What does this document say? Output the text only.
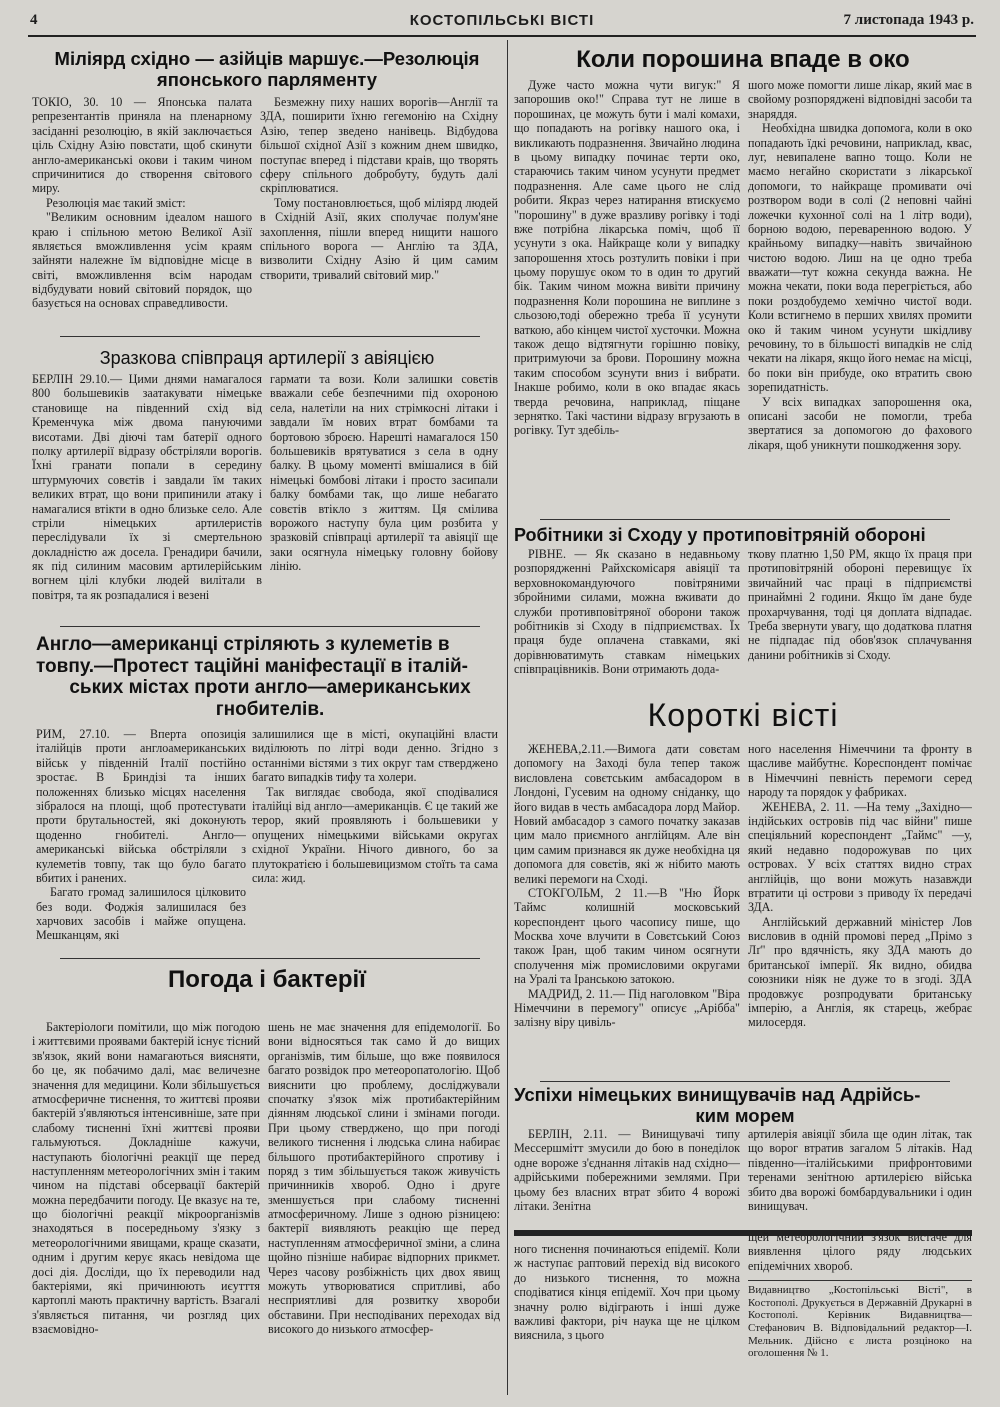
4	КОСТОПІЛЬСЬКІ ВІСТІ	7 листопада 1943 р.
Міліярд східно — азійців маршує.—Резолюція японського парляменту

ТОКІО, 30. 10 — Японська палата репрезентантів приняла на пленарному засіданні резолюцію, в якій заключається ціль Східну Азію повстати, щоб скинути англо-американські окови і таким чином спричинитися до створення світового миру.

Резолюція має такий зміст:

"Великим основним ідеалом нашого краю і спільною метою Великої Азії являється вможливлення усім краям зайняти належне їм відповідне місце в світі, вможливлення всім народам відбудувати новий світовий порядок, що базується на основах справедливости.

Безмежну пиху наших ворогів—Англії та ЗДА, поширити їхню гегемонію на Східну Азію, тепер зведено нанівець. Відбудова більшої східної Азії з кожним днем швидко, поступає вперед і підстави краів, що творять сферу спільного добробуту, будуть далі скріплюватися.

Тому постановлюється, щоб міліярд людей в Східній Азії, яких сполучає полум'яне захоплення, пішли вперед нищити нашого спільного ворога — Англію та ЗДА, визволити Східну Азію й цим самим створити, тривалий світовий мир."

Зразкова співпраця артилерії з авіяцією

БЕРЛІН 29.10.— Цими днями намагалося 800 большевиків заатакувати німецьке становище на південний схід від Кременчука між двома пануючими висотами. Дві діючі там батерії одного полку артилерії відразу обстріляли ворогів. Їхні гранати попали в середину штурмуючих совєтів і завдали їм таких великих втрат, що вони припинили атаку і намагалися втікти в одно близьке село. Але стріли німецьких артилеристів переслідували їх зі смертельною докладністю аж досела. Гренадири бачили, як під силиним масовим артилерійським вогнем цілі клубки людей вилітали в повітря, та як розпадалися і везені

гармати та вози. Коли залишки совєтів вважали себе безпечними під охороною села, налетіли на них стрімкосні літаки і завдали їм нових втрат бомбами та бортовою зброєю. Нарешті намагалося 150 большевиків врятуватися з села в одну балку. В цьому моменті вмішалися в бій німецькі бомбові літаки і просто засипали балку бомбами так, що лише небагато совєтів втікло з життям. Ця смілива ворожого наступу була цим розбита у зразковій співпраці артилерії та авіяції ще заки осягнула німецьку головну бойову лінію.

Англо—американці стріляють з кулеметів в
товпу.—Протест таційні маніфестації в італій-
ських містах проти англо—американських
гнобителів.

РИМ, 27.10. — Вперта опозиція італійців проти англоамериканських військ у південній Італії постійно зростає. В Бриндізі та інших положеннях близько місцях населення зібралося на площі, щоб протестувати проти брутальностей, які доконують щоденно гнобителі. Англо—американські війська обстріляли з кулеметів товпу, так що було багато вбитих і ранених.

Багато громад залишилося цілковито без води. Фоджія залишилася без харчових засобів і майже опущена. Мешканцям, які

залишилися ще в місті, окупаційні власти виділюють по літрі води денно. Згідно з останніми вістями з тих округ там стверджено багато випадків тифу та холери.

Так виглядає свобода, якої сподівалися італійці від англо—американців. Є це такий же терор, який проявляють і большевики у опущених німецькими військами округах східної України. Нічого дивного, бо за плутократією і большевицизмом стоїть та сама сила: жид.

Погода і бактерії

Бактеріологи помітили, що між погодою і життєвими проявами бактерій існує тісний зв'язок, який вони намагаються виясняти, бо це, як побачимо далі, має величезне значення для медицини. Коли збільшується атмосферичне тиснення, то життєві прояви бактерій з'являються інтенсивніше, зате при слабому тисненні їхні життєві прояви гальмуються. Докладніше кажучи, наступають біологічні реакції ще перед наступленням метеорологічних змін і таким чином на підставі обсервації бактерій можна передбачити погоду. Це вказує на те, що біологічні реакції мікроорганізмів знаходяться в посередньому з'язку з метеорологічними явищами, краще сказати, одним і другим керує якась невідома ще досі дія. Досліди, що їх переводили над бактеріями, які причинюють иєутття картоплі мають практичну вартість. Взагалі з'являється питання, чи розгляд цих взаємовідно-

шень не має значення для епідемології. Бо вони відносяться так само й до вищих організмів, тим більше, що вже появилося багато розвідок про метеоропатологію. Щоб вияснити цю проблему, досліджували спочатку з'язок між протибактерійним діянням людської слини і змінами погоди. При цьому стверджено, що при погоді великого тиснення і людська слина набирає більшого протибактерійного спротиву і поряд з тим збільшується також живучість причинників хвороб. Одно і друге зменшується при слабому тисненні атмосферичному. Лише з одною різницею: бактерії виявляють реакцію ще перед наступленням атмосферичної зміни, а слина щойно пізніше набирає відпорних прикмет. Через часову розбіжність цих двох явищ можуть утворюватися спритливі, або несприятливі для розвитку хвороби обставини. При несподіваних переходах від високого до низького атмосфер-

Коли порошина впаде в око

Дуже часто можна чути вигук:" Я запорошив око!" Справа тут не лише в порошинах, це можуть бути і малі комахи, що попадають на рогівку нашого ока, і викликають подразнення. Звичайно людина в цьому випадку починає терти око, стараючись таким чином усунути предмет подразнення. Але саме цього не слід робити. Якраз через натирання втискуємо "порошину" в дуже вразливу рогівку і тоді вже потрібна лікарська поміч, щоб її усунути з ока. Найкраще коли у випадку запорошення хтось розтулить повіки і при цьому порушує оком то в один то другий бік. Таким чином можна вивіти причину подразнення Коли порошина не виплине з сльозою,тоді обережно треба її усунути ваткою, або кінцем чистої хусточки. Можна також дещо відтягнути горішню повіку, притримуючи за брови. Порошину можна таким способом зсунути вниз і вибрати. Інакше робимо, коли в око впадає якась тверда речовина, наприклад, піщане зернятко. Такі частини відразу вгрузають в рогівку. Тут здебіль-

шого може помогти лише лікар, який має в свойому розпоряджені відповідні засоби та знаряддя.

Необхідна швидка допомога, коли в око попадають їдкі речовини, наприклад, квас, луг, невипалене вапно тощо. Коли не маємо негайно скористати з лікарської допомоги, то найкраще промивати очі розтвором води в солі (2 неповні чайні ложечки кухонної солі на 1 літр води), борною водою, переваренною водою. У крайньому випадку—навіть звичайною чистою водою. Лиш на це одно треба вважати—тут кожна секунда важна. Не можна чекати, поки вода перегріється, або поки роздобудемо хемічно чистої води. Коли встигнемо в перших хвилях промити око й таким чином усунути шкідливу речовину, то в більшості випадків не слід чекати на лікаря, якщо його немає на місці, бо поки він прибуде, око втратить свою зорепидатність.

У всіх випадках запорошення ока, описані засоби не помогли, треба звертатися за допомогою до фахового лікаря, щоб уникнути пошкодження зору.

Робітники зі Сходу у протиповітряній обороні

РІВНЕ. — Як сказано в недавньому розпорядженні Райхскомісаря авіяції та верховнокомандуючого повітряними збройними силами, можна вживати до служби противповітряної оборони також робітників зі Сходу в підприємствах. Їх праця буде оплачена ставками, які дорівнюватимуть ставкам німецьких співпрацівників. Вони отримають дода-

ткову платню 1,50 РМ, якщо їх праця при протиповітряній обороні перевищує їх звичайний час праці в підприємстві принаймні 2 години. Якщо їм дане буде прохарчування, тоді ця доплата відпадає. Треба звернути увагу, що додаткова платня не підпадає під обов'язок сплачування данини робітників зі Сходу.

Короткі вісті

ЖЕНЕВА,2.11.—Вимога дати совєтам допомогу на Заході була тепер також висловлена совєтським амбасадором в Лондоні, Гусевим на одному сніданку, що його видав в честь амбасадора лорд Майор. Новий амбасадор з самого початку заказав цим мало приємного англійцям. Але він цим самим признався як дуже необхідна ця допомога для совєтів, які ж нібито мають великі перемоги на Сході.

СТОКГОЛЬМ, 2 11.—В "Ню Йорк Таймс колишній московський кореспондент цього часопису пише, що Москва хоче влучити в Совєтський Союз також Іран, щоб таким чином осягнути сполучення між промисловими округами на Уралі та Іранською затокою.

МАДРИД, 2. 11.— Під наголовком "Віра Німеччини в перемогу" описує „Арібба" залізну віру цивіль-

ного населення Німеччини та фронту в щасливе майбутнє. Кореспондент помічає в Німеччині певність перемоги серед народу та порядок у фабриках.

ЖЕНЕВА, 2. 11. —На тему „Західно—індійських островів під час війни" пише спеціяльний кореспондент „Таймс" —у, який недавно подорожував по цих островах. У всіх статтях видно страх англійців, що вони можуть назавжди втратити ці острови з приводу їх передачі ЗДА.

Англійський державний міністер Лов висловив в одній промові перед „Прімо з Лґ" про вдячність, яку ЗДА мають до британської імперії. Як видно, обидва союзники ніяк не дуже то в згоді. ЗДА продовжує розпродувати британську імперію, а Англія, як старець, жебрає милосердя.

Успіхи німецьких винищувачів над Адрійсь-
ким морем

БЕРЛІН, 2.11. — Винищувачі типу Мессершмітт змусили до бою в понеділок одне вороже з'єднання літаків над східно—адрійськими побережними землями. При цьому без власних втрат збито 4 ворожі літаки. Зенітна

артилерія авіяції збила ще один літак, так що ворог втратив загалом 5 літаків. Над південно—італійськими прифронтовими теренами зенітною артилерією війська збито два ворожі бомбардувальники і один винищувач.

ного тиснення починаються епідемії. Коли ж наступає раптовий перехід від високого до низького тиснення, то можна сподіватися кінця епідемії. Хоч при цьому значну ролю відіграють і інші дуже важливі фактори, річ наука ще не цілком вияснила, з цього

щей метеорологічний з'язок вистаче для виявлення цілого ряду людських епідемічних хвороб.

Видавництво „Костопільські Вісті", в Костополі. Друкується в Державній Друкарні в Костополі. Керівник Видавництва—Стефанович В. Відповідальний редактор—І. Мельник. Дійсно є листа розціноко на оголошення № 1.
